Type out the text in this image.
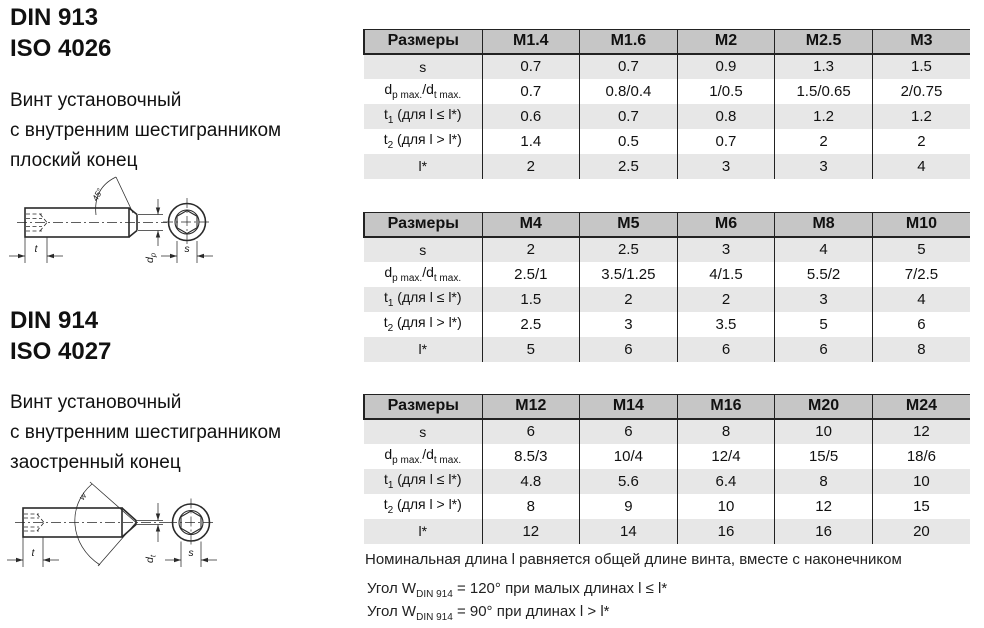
DIN 913
ISO 4026

Винт установочный
с внутренним шестигранником
плоский конец

DIN 914
ISO 4027

Винт установочный
с внутренним шестигранником
заостренный конец

45°
t
$d_p$
s
w
t
$d_t$	s
Размеры	M1.4	M1.6	M2	M2.5	M3
s	0.7	0.7	0.9	1.3	1.5
$d_{p max.}/d_{t max.}$	0.7	0.8/0.4	1/0.5	1.5/0.65	2/0.75
$t_1$ (для l ≤ l*)	0.6	0.7	0.8	1.2	1.2
$t_2$ (для l > l*)	1.4	0.5	0.7	2	2
l*	2	2.5	3	3	4
Размеры	M4	M5	M6	M8	M10
s	2	2.5	3	4	5
$d_{p max.}/d_{t max.}$	2.5/1	3.5/1.25	4/1.5	5.5/2	7/2.5
$t_1$ (для l ≤ l*)	1.5	2	2	3	4
$t_2$ (для l > l*)	2.5	3	3.5	5	6
l*	5	6	6	6	8
Размеры	M12	M14	M16	M20	M24
s	6	6	8	10	12
$d_{p max.}/d_{t max.}$	8.5/3	10/4	12/4	15/5	18/6
$t_1$ (для l ≤ l*)	4.8	5.6	6.4	8	10
$t_2$ (для l > l*)	8	9	10	12	15
l*	12	14	16	16	20

Номинальная длина l равняется общей длине винта, вместе с наконечником

Угол $W_{DIN 914} = 120^\circ$ при малых длинах l ≤ l*

Угол $W_{DIN 914} = 90^\circ$ при длинах l > l*
